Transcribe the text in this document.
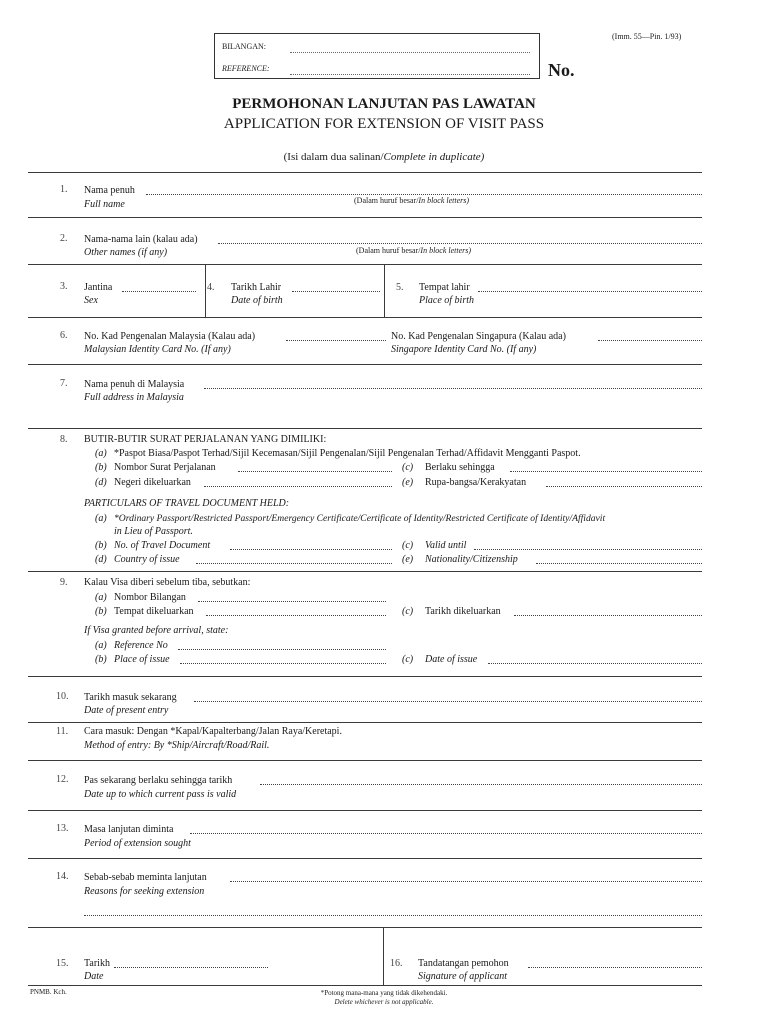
(Imm. 55—Pin. 1/93)
BILANGAN:
REFERENCE:	No.
PERMOHONAN LANJUTAN PAS LAWATAN
APPLICATION FOR EXTENSION OF VISIT PASS
(Isi dalam dua salinan/Complete in duplicate)
1. Nama penuh
Full name	(Dalam huruf besar/In block letters)
2. Nama-nama lain (kalau ada)
Other names (if any)	(Dalam huruf besar/In block letters)
3. Jantina
Sex
4. Tarikh Lahir
Date of birth
5. Tempat lahir
Place of birth
6. No. Kad Pengenalan Malaysia (Kalau ada)
Malaysian Identity Card No. (If any)
No. Kad Pengenalan Singapura (Kalau ada)
Singapore Identity Card No. (If any)
7. Nama penuh di Malaysia
Full address in Malaysia
8. BUTIR-BUTIR SURAT PERJALANAN YANG DIMILIKI:
(a) *Paspot Biasa/Paspot Terhad/Sijil Kecemasan/Sijil Pengenalan/Sijil Pengenalan Terhad/Affidavit Mengganti Paspot.
(b) Nombor Surat Perjalanan	(c) Berlaku sehingga
(d) Negeri dikeluarkan	(e) Rupa-bangsa/Kerakyatan
PARTICULARS OF TRAVEL DOCUMENT HELD:
(a) *Ordinary Passport/Restricted Passport/Emergency Certificate/Certificate of Identity/Restricted Certificate of Identity/Affidavit
in Lieu of Passport.
(b) No. of Travel Document	(c) Valid until
(d) Country of issue	(e) Nationality/Citizenship
9. Kalau Visa diberi sebelum tiba, sebutkan:
(a) Nombor Bilangan
(b) Tempat dikeluarkan	(c) Tarikh dikeluarkan
If Visa granted before arrival, state:
(a) Reference No
(b) Place of issue	(c) Date of issue
10. Tarikh masuk sekarang
Date of present entry
11. Cara masuk: Dengan *Kapal/Kapalterbang/Jalan Raya/Keretapi.
Method of entry: By *Ship/Aircraft/Road/Rail.
12. Pas sekarang berlaku sehingga tarikh
Date up to which current pass is valid
13. Masa lanjutan diminta
Period of extension sought
14. Sebab-sebab meminta lanjutan
Reasons for seeking extension
15. Tarikh
Date
16. Tandatangan pemohon
Signature of applicant
PNMB. Kch.	*Potong mana-mana yang tidak dikehendaki.
Delete whichever is not applicable.
